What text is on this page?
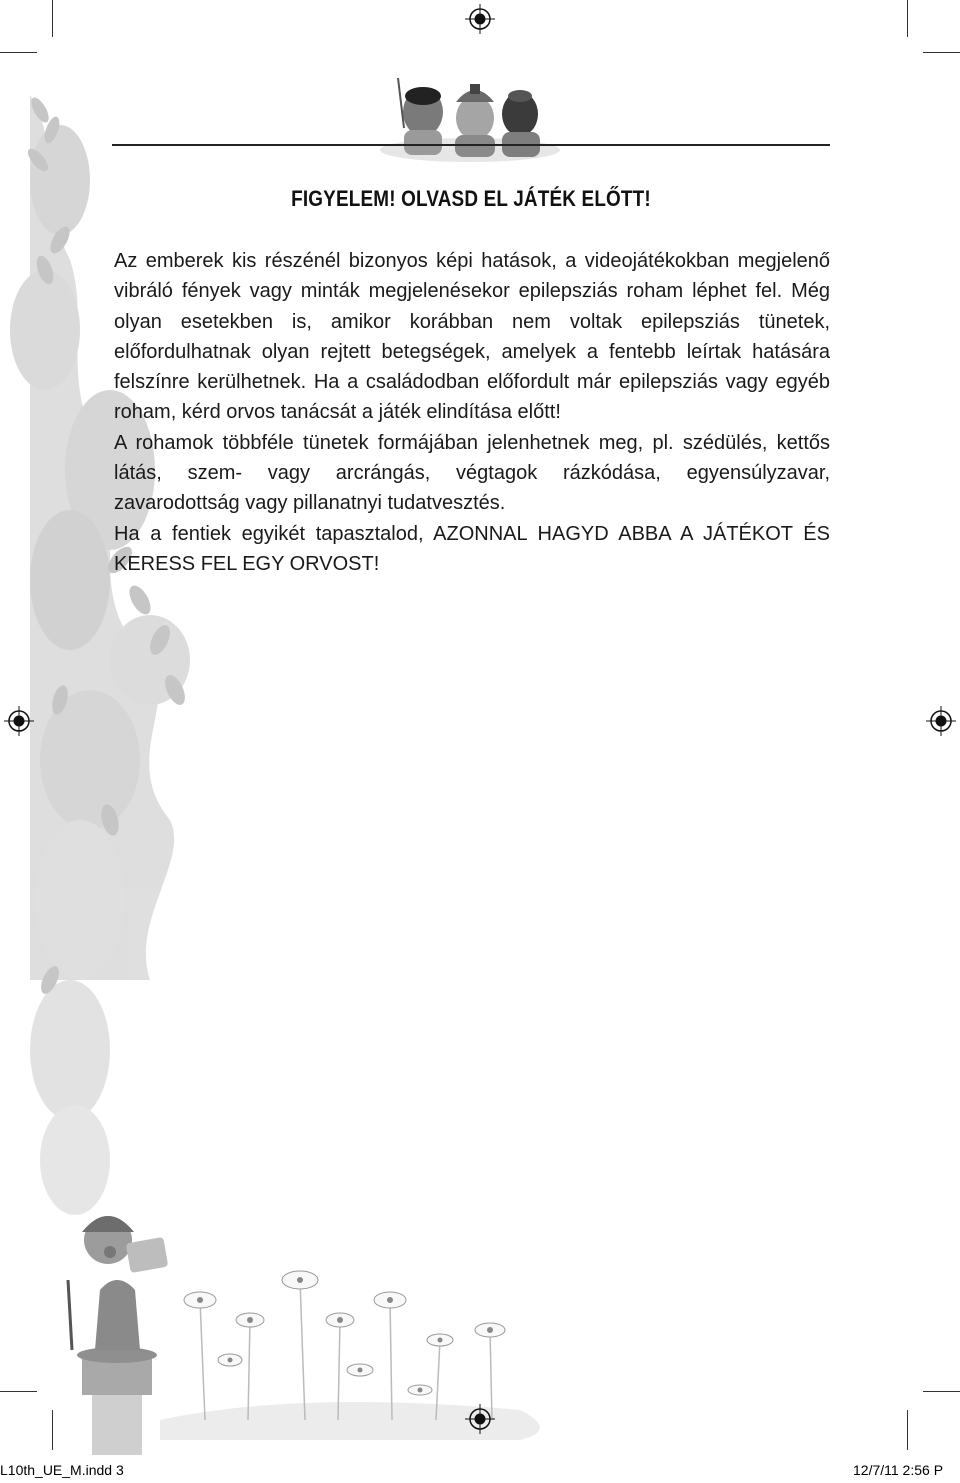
FIGYELEM! OLVASD EL JÁTÉK ELŐTT!

Az emberek kis részénél bizonyos képi hatások, a videojátékokban megjelenő vibráló fények vagy minták megjelenésekor epilepsziás roham léphet fel. Még olyan esetekben is, amikor korábban nem voltak epilepsziás tünetek, előfordulhatnak olyan rejtett betegségek, amelyek a fentebb leírtak hatására felszínre kerülhetnek. Ha a családodban előfordult már epilepsziás vagy egyéb roham, kérd orvos tanácsát a játék elindítása előtt!

A rohamok többféle tünetek formájában jelenhetnek meg, pl. szédülés, kettős látás, szem- vagy arcrángás, végtagok rázkódása, egyensúlyzavar, zavarodottság vagy pillanatnyi tudatvesztés.

Ha a fentiek egyikét tapasztalod, AZONNAL HAGYD ABBA A JÁTÉKOT ÉS KERESS FEL EGY ORVOST!

L10th_UE_M.indd 3	12/7/11 2:56 P
